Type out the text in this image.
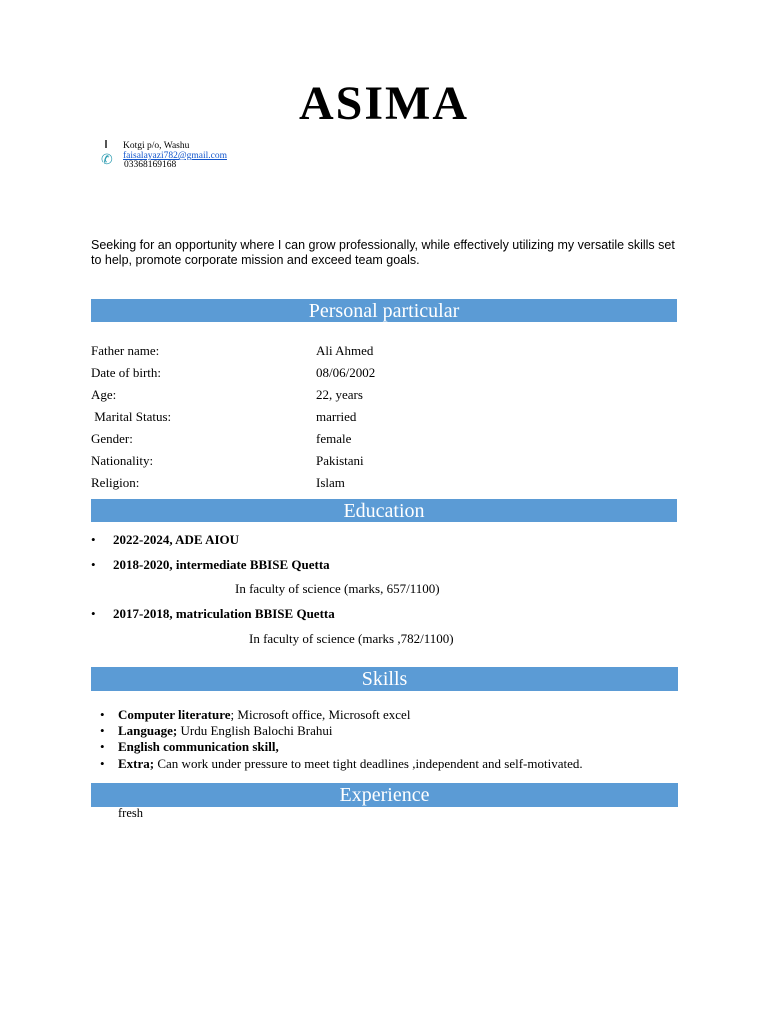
ASIMA
Kotgi p/o, Washu
✆ faisalayazi782@gmail.com
03368169168
Seeking for an opportunity where I can grow professionally, while effectively utilizing my versatile skills set to help, promote corporate mission and exceed team goals.
Personal particular
Father name:	Ali Ahmed
Date of birth:	08/06/2002
Age:	22, years
Marital Status:	married
Gender:	female
Nationality:	Pakistani
Religion:	Islam
Education
• 2022-2024, ADE AIOU
• 2018-2020, intermediate BBISE Quetta
In faculty of science (marks, 657/1100)
• 2017-2018, matriculation BBISE Quetta
In faculty of science (marks ,782/1100)
Skills
• Computer literature; Microsoft office, Microsoft excel
• Language; Urdu English Balochi Brahui
• English communication skill,
• Extra; Can work under pressure to meet tight deadlines ,independent and self-motivated.
Experience
fresh
